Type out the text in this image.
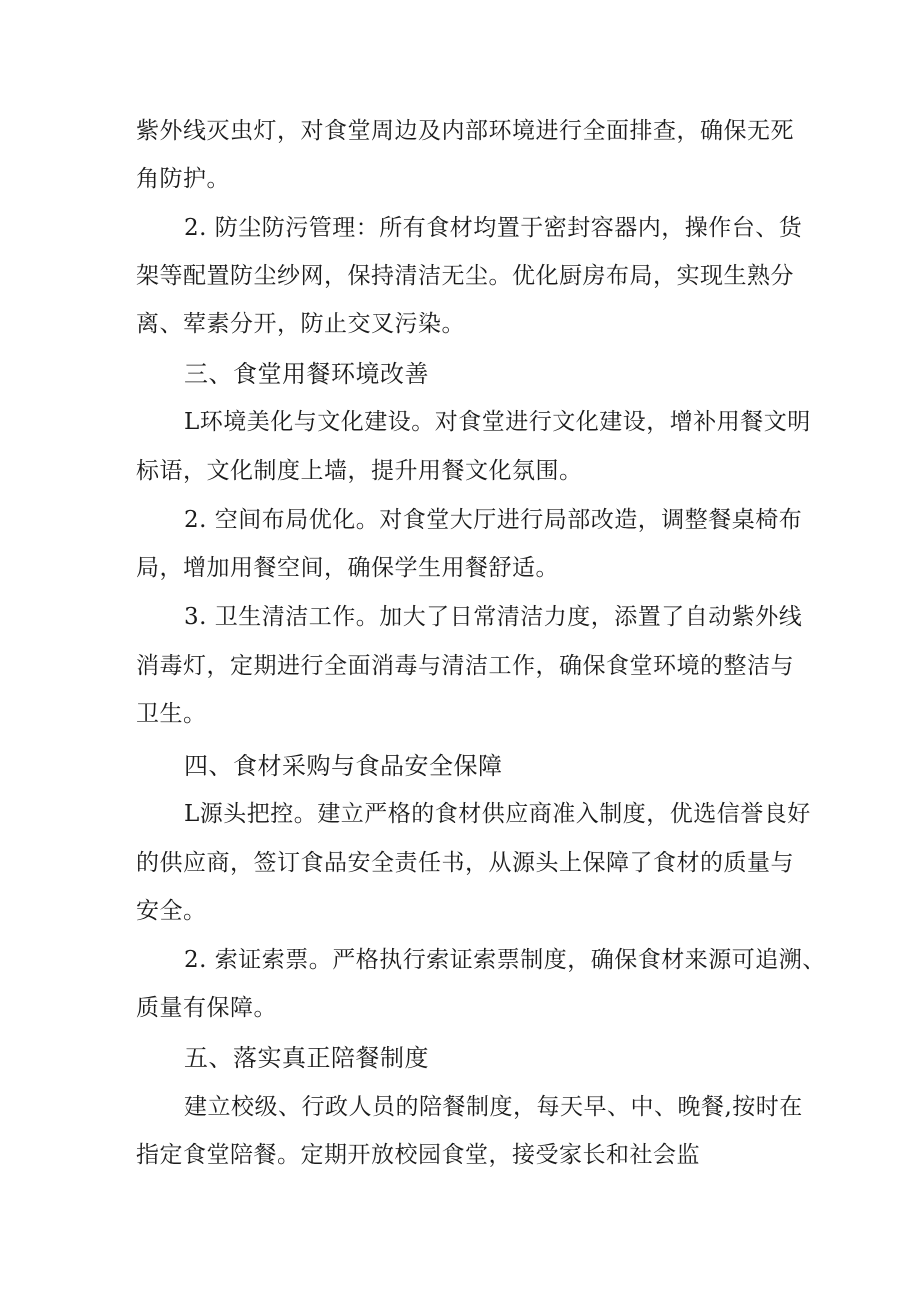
紫外线灭虫灯，对食堂周边及内部环境进行全面排查，确保无死
角防护。
2. 防尘防污管理：所有食材均置于密封容器内，操作台、货
架等配置防尘纱网，保持清洁无尘。优化厨房布局，实现生熟分
离、荤素分开，防止交叉污染。
三、食堂用餐环境改善
L环境美化与文化建设。对食堂进行文化建设，增补用餐文明
标语，文化制度上墙，提升用餐文化氛围。
2. 空间布局优化。对食堂大厅进行局部改造，调整餐桌椅布
局，增加用餐空间，确保学生用餐舒适。
3. 卫生清洁工作。加大了日常清洁力度，添置了自动紫外线
消毒灯，定期进行全面消毒与清洁工作，确保食堂环境的整洁与
卫生。
四、食材采购与食品安全保障
L源头把控。建立严格的食材供应商准入制度，优选信誉良好
的供应商，签订食品安全责任书，从源头上保障了食材的质量与
安全。
2. 索证索票。严格执行索证索票制度，确保食材来源可追溯、
质量有保障。
五、落实真正陪餐制度
建立校级、行政人员的陪餐制度，每天早、中、晚餐,按时在
指定食堂陪餐。定期开放校园食堂，接受家长和社会监
